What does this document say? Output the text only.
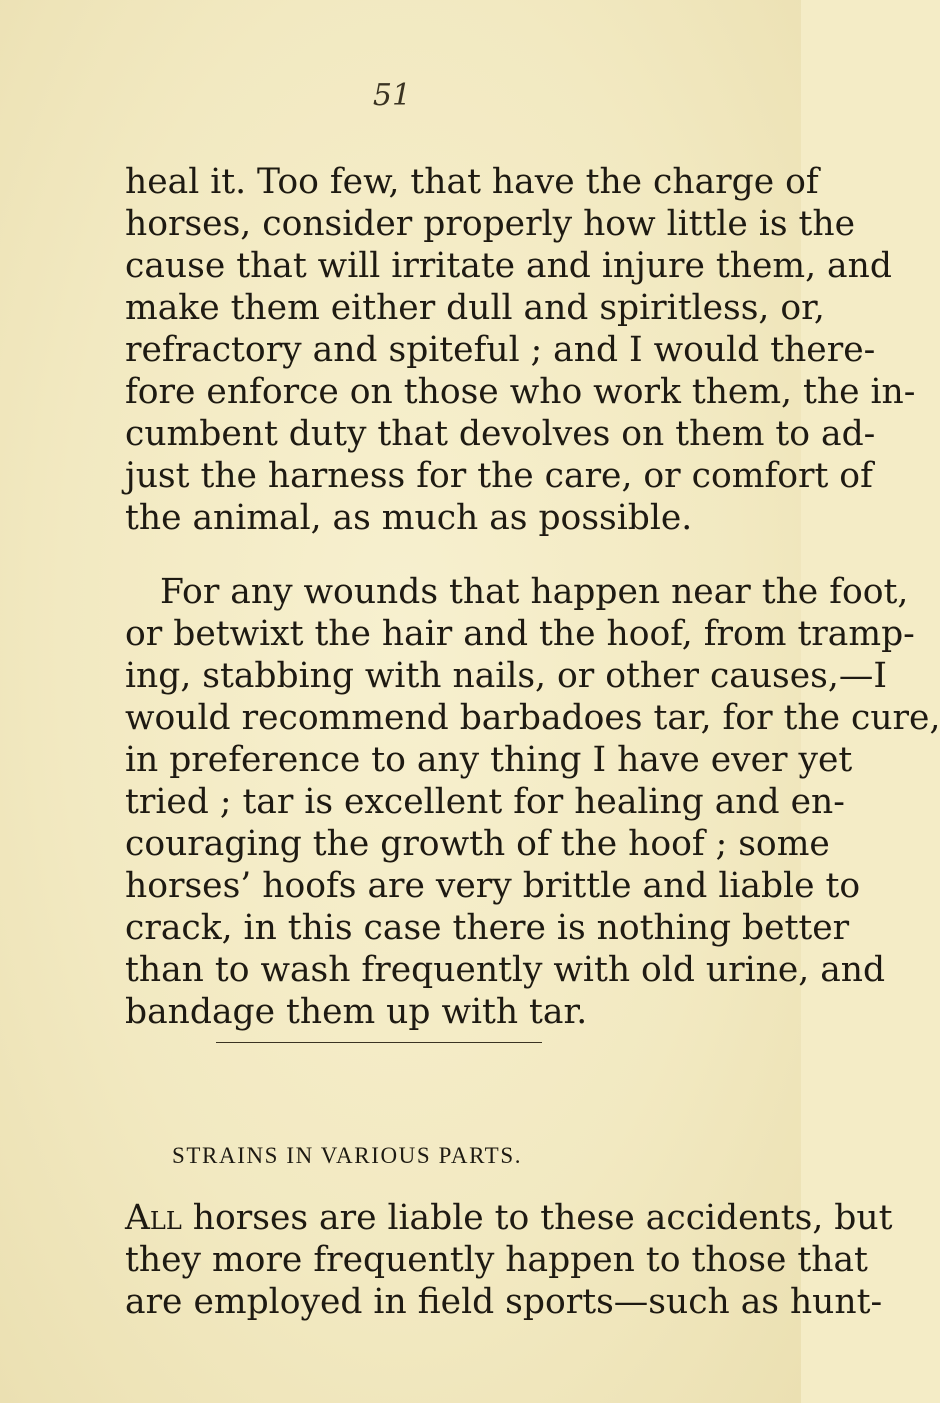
51
heal it. Too few, that have the charge of
horses, consider properly how little is the
cause that will irritate and injure them, and
make them either dull and spiritless, or,
refractory and spiteful ; and I would there-
fore enforce on those who work them, the in-
cumbent duty that devolves on them to ad-
just the harness for the care, or comfort of
the animal, as much as possible.
For any wounds that happen near the foot,
or betwixt the hair and the hoof, from tramp-
ing, stabbing with nails, or other causes,—I
would recommend barbadoes tar, for the cure,
in preference to any thing I have ever yet
tried ; tar is excellent for healing and en-
couraging the growth of the hoof ; some
horses’ hoofs are very brittle and liable to
crack, in this case there is nothing better
than to wash frequently with old urine, and
bandage them up with tar.
STRAINS IN VARIOUS PARTS.
All horses are liable to these accidents, but
they more frequently happen to those that
are employed in field sports—such as hunt-
